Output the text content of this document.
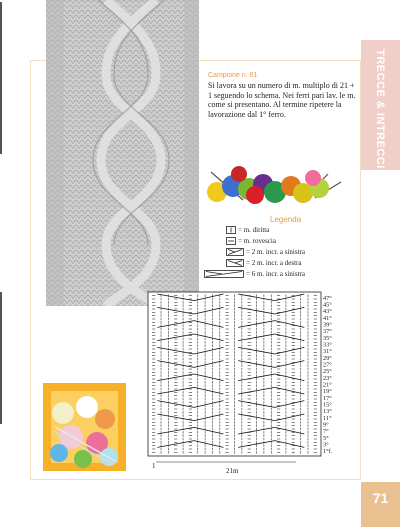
TRECCE & INTRECCI
Campione n. 61
Si lavora su un numero di m. multiplo di 21 + 1 seguendo lo schema. Nei ferri pari lav. le m. come si presentano. Al termine ripetere la lavorazione dal 1° ferro.
Legenda
= m. diritta
= m. rovescia
= 2 m. incr. a sinistra
= 2 m. incr. a destra
= 6 m. incr. a sinistra
47°
45°
43°
41°
39°
37°
35°
33°
31°
29°
27°
25°
23°
21°
19°
17°
15°
13°
11°
9°
7°
5°
3°
1°f.
1
21m
71
